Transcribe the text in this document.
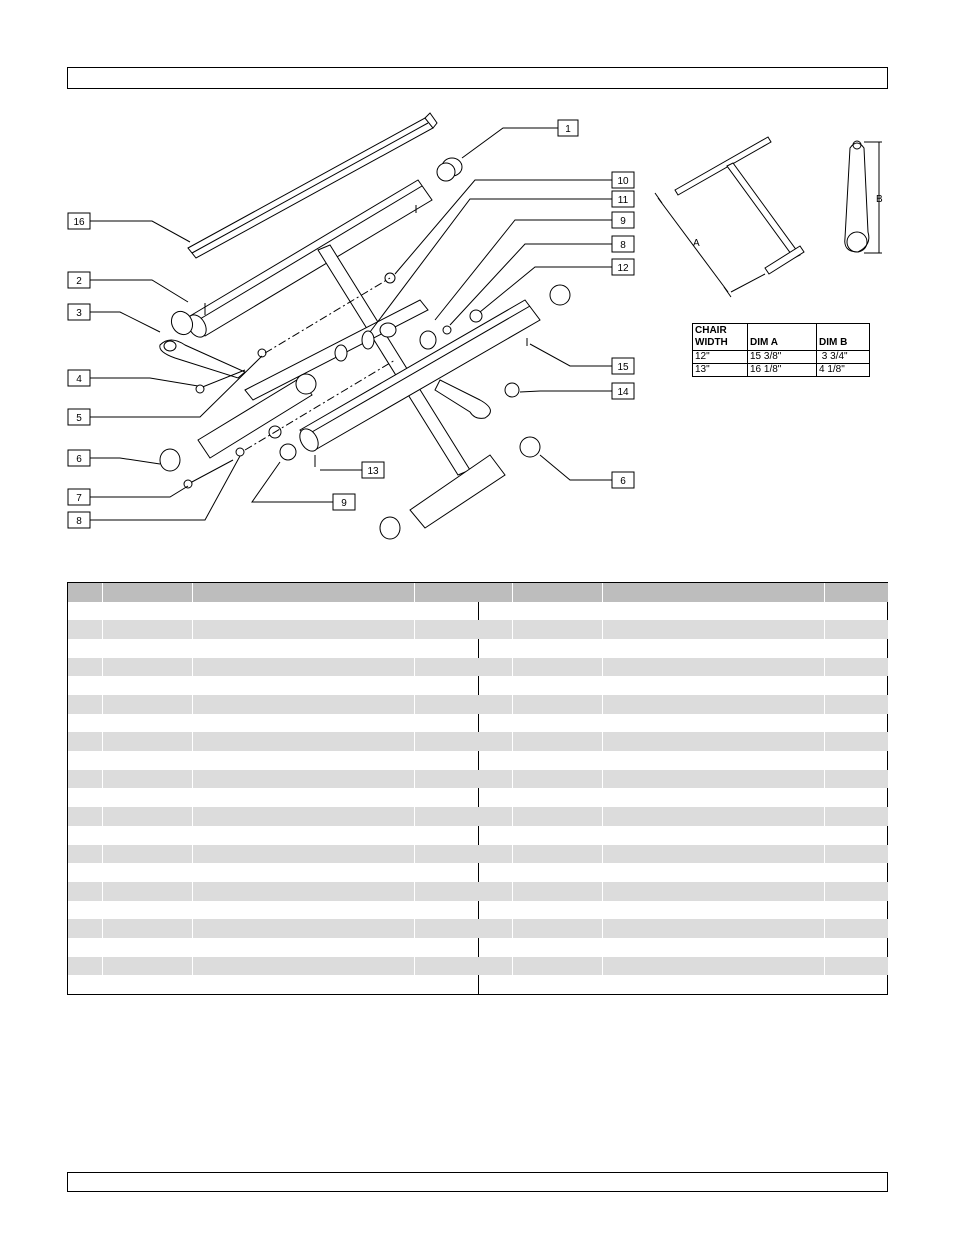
1
16
2
3
4
5
6
7
8
10
11
9
8
12
15
14
6
13
9
A
B
CHAIR
WIDTH	DIM A	DIM B
12"	15 3/8"	3 3/4"
13"	16 1/8"	4 1/8"
